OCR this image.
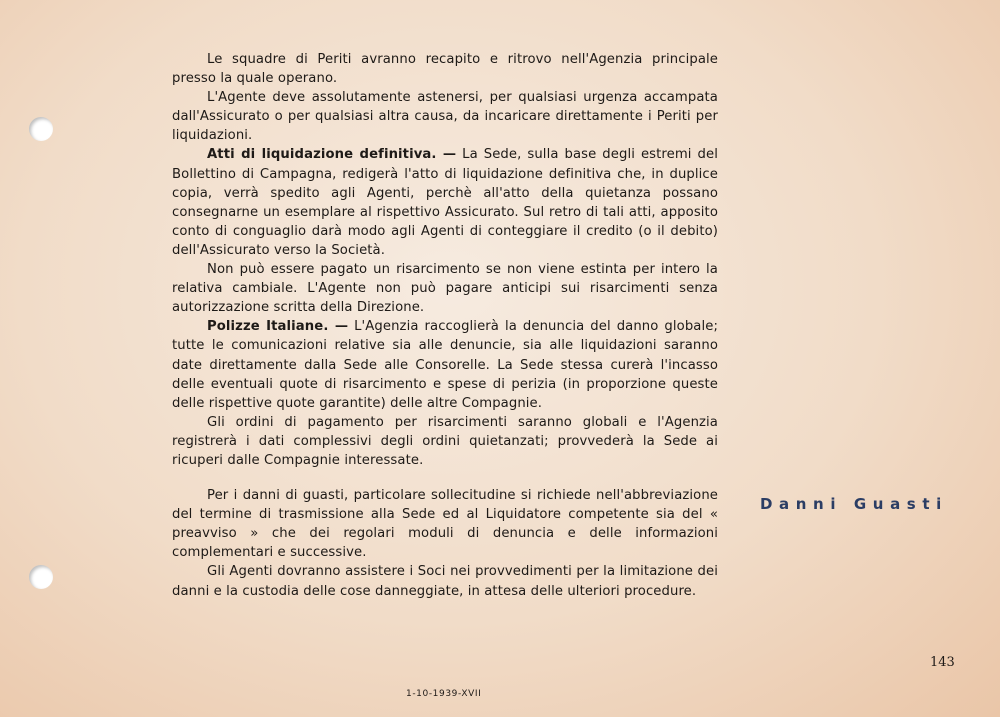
Le squadre di Periti avranno recapito e ritrovo nell'Agenzia principale presso la quale operano.

L'Agente deve assolutamente astenersi, per qualsiasi urgenza accampata dall'Assicurato o per qualsiasi altra causa, da incaricare direttamente i Periti per liquidazioni.

Atti di liquidazione definitiva. — La Sede, sulla base degli estremi del Bollettino di Campagna, redigerà l'atto di liquidazione definitiva che, in duplice copia, verrà spedito agli Agenti, perchè all'atto della quietanza possano consegnarne un esemplare al rispettivo Assicurato. Sul retro di tali atti, apposito conto di conguaglio darà modo agli Agenti di conteggiare il credito (o il debito) dell'Assicurato verso la Società.

Non può essere pagato un risarcimento se non viene estinta per intero la relativa cambiale. L'Agente non può pagare anticipi sui risarcimenti senza autorizzazione scritta della Direzione.

Polizze Italiane. — L'Agenzia raccoglierà la denuncia del danno globale; tutte le comunicazioni relative sia alle denuncie, sia alle liquidazioni saranno date direttamente dalla Sede alle Consorelle. La Sede stessa curerà l'incasso delle eventuali quote di risarcimento e spese di perizia (in proporzione queste delle rispettive quote garantite) delle altre Compagnie.

Gli ordini di pagamento per risarcimenti saranno globali e l'Agenzia registrerà i dati complessivi degli ordini quietanzati; provvederà la Sede ai ricuperi dalle Compagnie interessate.

Per i danni di guasti, particolare sollecitudine si richiede nell'abbreviazione del termine di trasmissione alla Sede ed al Liquidatore competente sia del « preavviso » che dei regolari moduli di denuncia e delle informazioni complementari e successive.

Gli Agenti dovranno assistere i Soci nei provvedimenti per la limitazione dei danni e la custodia delle cose danneggiate, in attesa delle ulteriori procedure.

Danni Guasti
143
1-10-1939-XVII
